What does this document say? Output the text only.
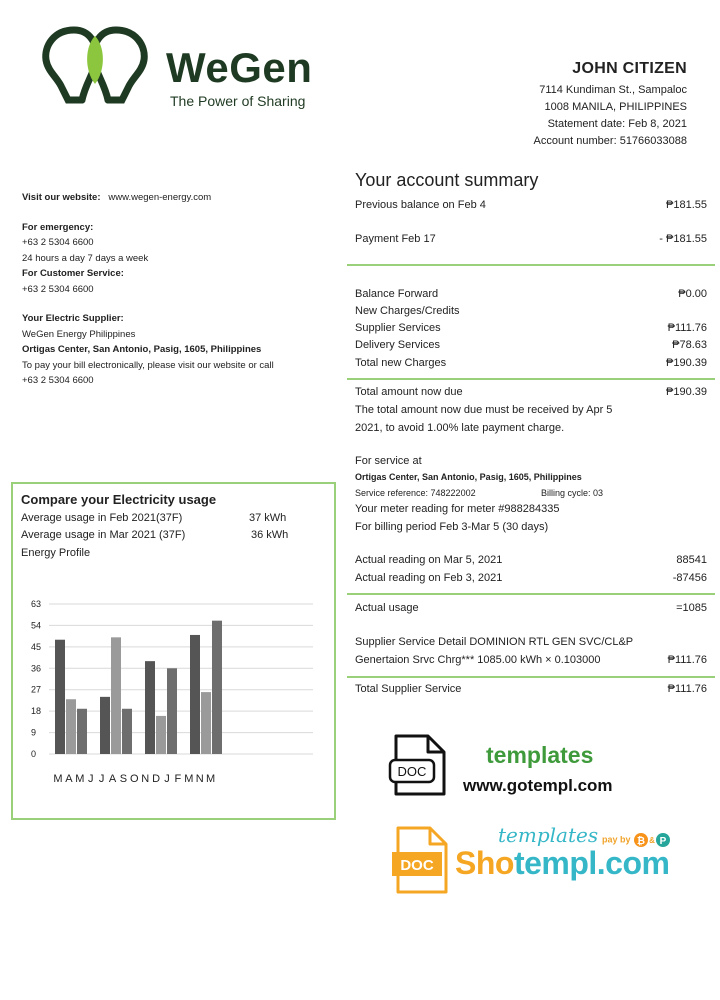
WeGen
The Power of Sharing
JOHN CITIZEN
7114 Kundiman St., Sampaloc
1008 MANILA, PHILIPPINES
Statement date: Feb 8, 2021
Account number: 51766033088
Visit our website: www.wegen-energy.com
For emergency:
+63 2 5304 6600
24 hours a day 7 days a week
For Customer Service:
+63 2 5304 6600
Your Electric Supplier:
WeGen Energy Philippines
Ortigas Center, San Antonio, Pasig, 1605, Philippines
To pay your bill electronically, please visit our website or call
+63 2 5304 6600
Compare your Electricity usage
Average usage in Feb 2021(37F)	37 kWh
Average usage in Mar 2021 (37F)	36 kWh
Energy Profile
0
9
18
27
36
45
54
63
M A M J J A S O N D J F M N M
Your account summary
Previous balance on Feb 4	₱181.55
Payment Feb 17	- ₱181.55
Balance Forward	₱0.00
New Charges/Credits
Supplier Services	₱111.76
Delivery Services	₱78.63
Total new Charges	₱190.39
Total amount now due	₱190.39
The total amount now due must be received by Apr 5
2021, to avoid 1.00% late payment charge.
For service at
Ortigas Center, San Antonio, Pasig, 1605, Philippines
Service reference: 748222002	Billing cycle: 03
Your meter reading for meter #988284335
For billing period Feb 3-Mar 5 (30 days)
Actual reading on Mar 5, 2021	88541
Actual reading on Feb 3, 2021	-87456
Actual usage	=1085
Supplier Service Detail DOMINION RTL GEN SVC/CL&P
Genertaion Srvc Chrg*** 1085.00 kWh × 0.103000	₱111.76
Total Supplier Service	₱111.76
DOC
templates
www.gotempl.com
DOC
templates pay by ₿ & P
Shotempl.com
